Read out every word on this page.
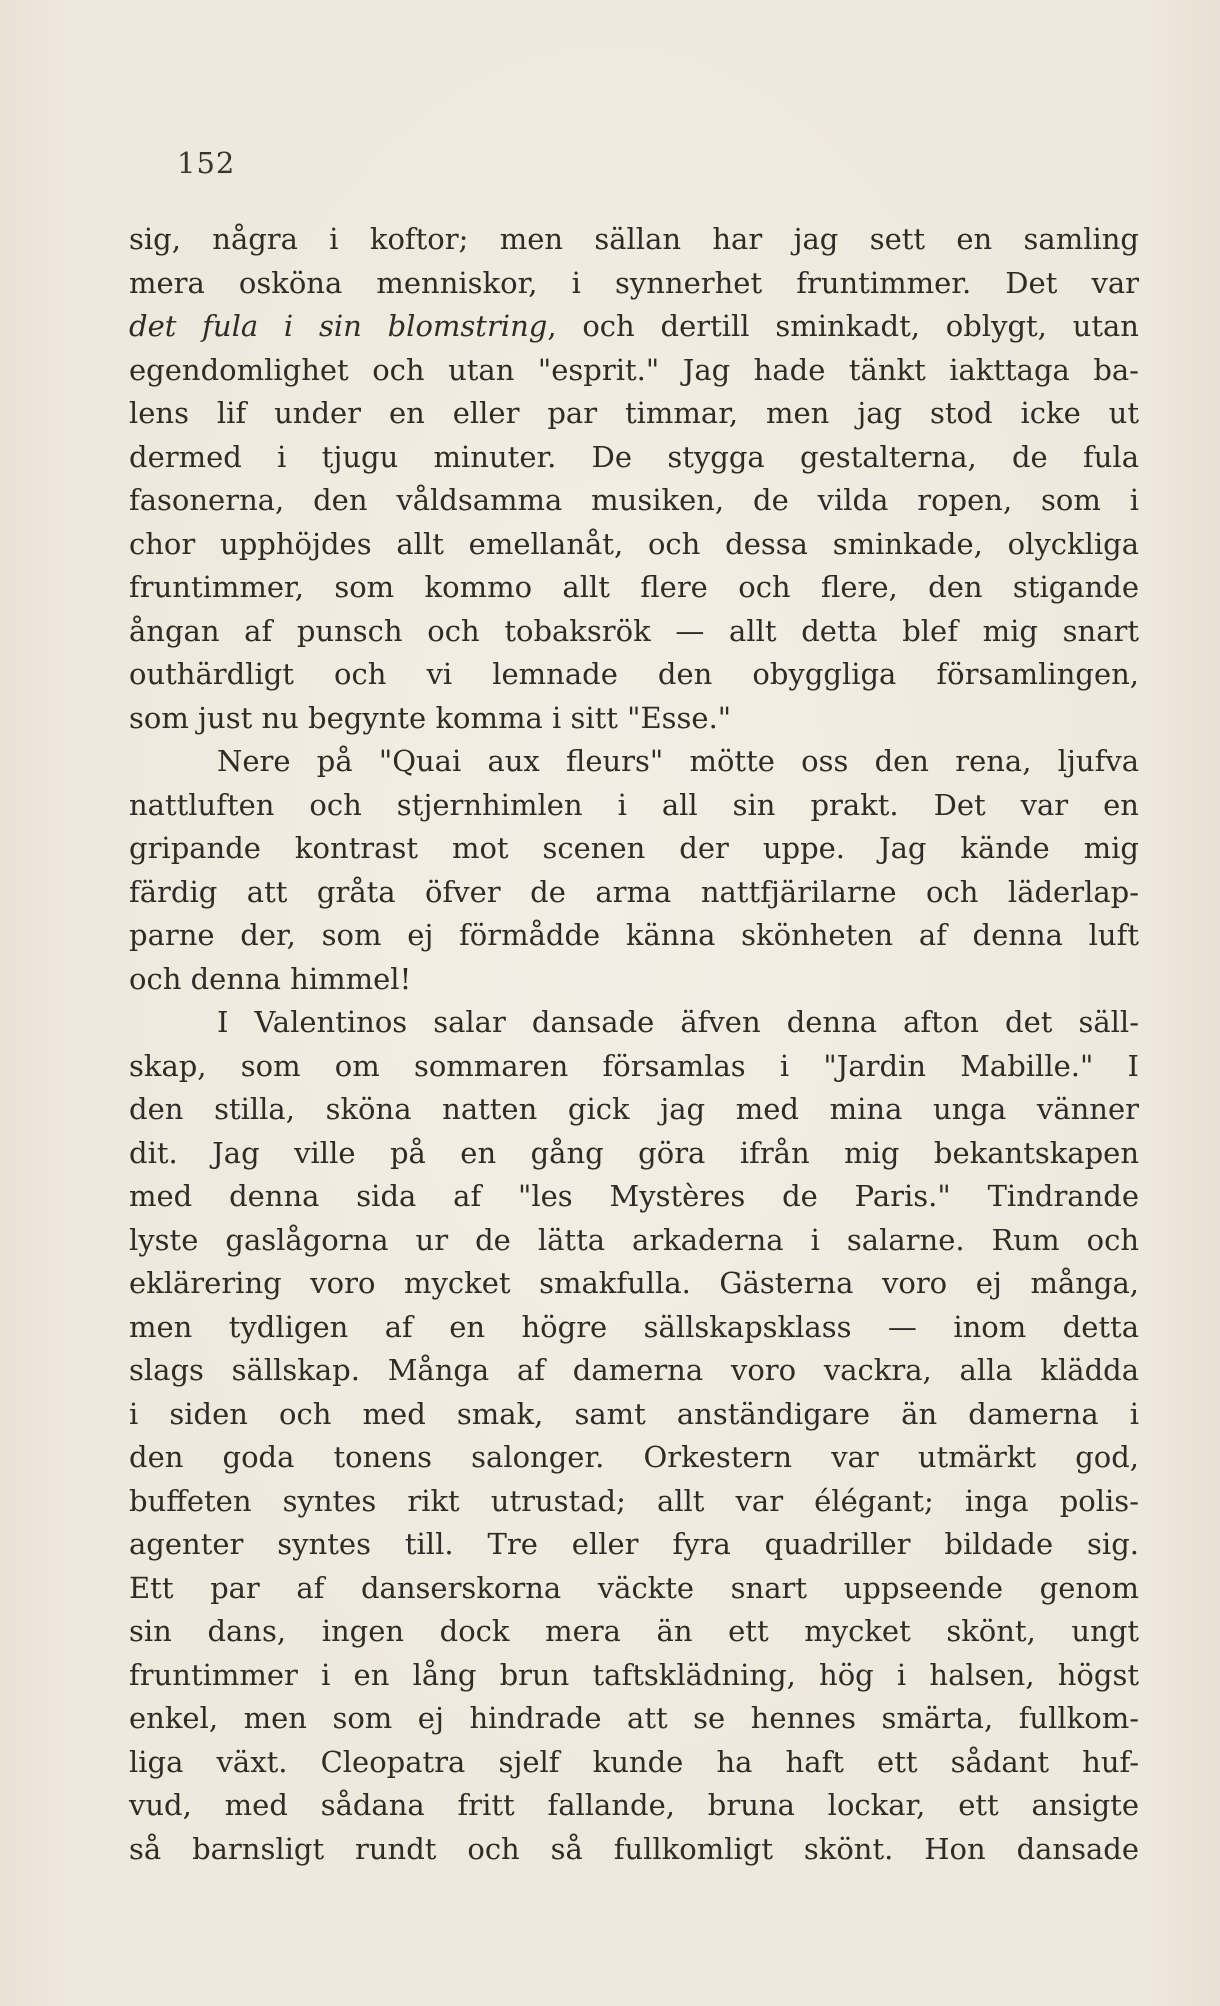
152
sig, några i koftor; men sällan har jag sett en samling
mera osköna menniskor, i synnerhet fruntimmer. Det var
det fula i sin blomstring, och dertill sminkadt, oblygt, utan
egendomlighet och utan "esprit." Jag hade tänkt iakttaga ba-
lens lif under en eller par timmar, men jag stod icke ut
dermed i tjugu minuter. De stygga gestalterna, de fula
fasonerna, den våldsamma musiken, de vilda ropen, som i
chor upphöjdes allt emellanåt, och dessa sminkade, olyckliga
fruntimmer, som kommo allt flere och flere, den stigande
ångan af punsch och tobaksrök — allt detta blef mig snart
outhärdligt och vi lemnade den obyggliga församlingen,
som just nu begynte komma i sitt "Esse."
Nere på "Quai aux fleurs" mötte oss den rena, ljufva
nattluften och stjernhimlen i all sin prakt. Det var en
gripande kontrast mot scenen der uppe. Jag kände mig
färdig att gråta öfver de arma nattfjärilarne och läderlap-
parne der, som ej förmådde känna skönheten af denna luft
och denna himmel!
I Valentinos salar dansade äfven denna afton det säll-
skap, som om sommaren församlas i "Jardin Mabille." I
den stilla, sköna natten gick jag med mina unga vänner
dit. Jag ville på en gång göra ifrån mig bekantskapen
med denna sida af "les Mystères de Paris." Tindrande
lyste gaslågorna ur de lätta arkaderna i salarne. Rum och
eklärering voro mycket smakfulla. Gästerna voro ej många,
men tydligen af en högre sällskapsklass — inom detta
slags sällskap. Många af damerna voro vackra, alla klädda
i siden och med smak, samt anständigare än damerna i
den goda tonens salonger. Orkestern var utmärkt god,
buffeten syntes rikt utrustad; allt var élégant; inga polis-
agenter syntes till. Tre eller fyra quadriller bildade sig.
Ett par af danserskorna väckte snart uppseende genom
sin dans, ingen dock mera än ett mycket skönt, ungt
fruntimmer i en lång brun taftsklädning, hög i halsen, högst
enkel, men som ej hindrade att se hennes smärta, fullkom-
liga växt. Cleopatra sjelf kunde ha haft ett sådant huf-
vud, med sådana fritt fallande, bruna lockar, ett ansigte
så barnsligt rundt och så fullkomligt skönt. Hon dansade
